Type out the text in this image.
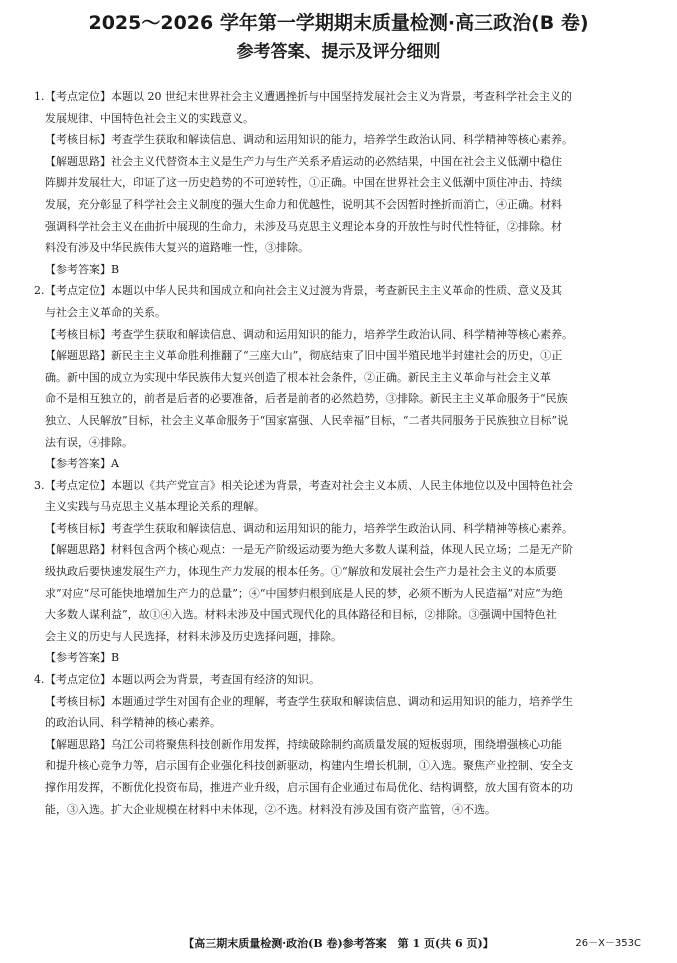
2025～2026 学年第一学期期末质量检测·高三政治(B 卷)
参考答案、提示及评分细则
1.【考点定位】本题以 20 世纪末世界社会主义遭遇挫折与中国坚持发展社会主义为背景，考查科学社会主义的
发展规律、中国特色社会主义的实践意义。
【考核目标】考查学生获取和解读信息、调动和运用知识的能力，培养学生政治认同、科学精神等核心素养。
【解题思路】社会主义代替资本主义是生产力与生产关系矛盾运动的必然结果，中国在社会主义低潮中稳住
阵脚并发展壮大，印证了这一历史趋势的不可逆转性，①正确。中国在世界社会主义低潮中顶住冲击、持续
发展，充分彰显了科学社会主义制度的强大生命力和优越性，说明其不会因暂时挫折而消亡，④正确。材料
强调科学社会主义在曲折中展现的生命力，未涉及马克思主义理论本身的开放性与时代性特征，②排除。材
料没有涉及中华民族伟大复兴的道路唯一性，③排除。
【参考答案】B
2.【考点定位】本题以中华人民共和国成立和向社会主义过渡为背景，考查新民主主义革命的性质、意义及其
与社会主义革命的关系。
【考核目标】考查学生获取和解读信息、调动和运用知识的能力，培养学生政治认同、科学精神等核心素养。
【解题思路】新民主主义革命胜利推翻了“三座大山”，彻底结束了旧中国半殖民地半封建社会的历史，①正
确。新中国的成立为实现中华民族伟大复兴创造了根本社会条件，②正确。新民主主义革命与社会主义革
命不是相互独立的，前者是后者的必要准备，后者是前者的必然趋势，③排除。新民主主义革命服务于“民族
独立、人民解放”目标，社会主义革命服务于“国家富强、人民幸福”目标，“二者共同服务于民族独立目标”说
法有误，④排除。
【参考答案】A
3.【考点定位】本题以《共产党宣言》相关论述为背景，考查对社会主义本质、人民主体地位以及中国特色社会
主义实践与马克思主义基本理论关系的理解。
【考核目标】考查学生获取和解读信息、调动和运用知识的能力，培养学生政治认同、科学精神等核心素养。
【解题思路】材料包含两个核心观点：一是无产阶级运动要为绝大多数人谋利益，体现人民立场；二是无产阶
级执政后要快速发展生产力，体现生产力发展的根本任务。①“解放和发展社会生产力是社会主义的本质要
求”对应“尽可能快地增加生产力的总量”；④“中国梦归根到底是人民的梦，必须不断为人民造福”对应“为绝
大多数人谋利益”，故①④入选。材料未涉及中国式现代化的具体路径和目标，②排除。③强调中国特色社
会主义的历史与人民选择，材料未涉及历史选择问题，排除。
【参考答案】B
4.【考点定位】本题以两会为背景，考查国有经济的知识。
【考核目标】本题通过学生对国有企业的理解，考查学生获取和解读信息、调动和运用知识的能力，培养学生
的政治认同、科学精神的核心素养。
【解题思路】乌江公司将聚焦科技创新作用发挥，持续破除制约高质量发展的短板弱项，围绕增强核心功能
和提升核心竞争力等，启示国有企业强化科技创新驱动，构建内生增长机制，①入选。聚焦产业控制、安全支
撑作用发挥，不断优化投资布局，推进产业升级，启示国有企业通过布局优化、结构调整，放大国有资本的功
能，③入选。扩大企业规模在材料中未体现，②不选。材料没有涉及国有资产监管，④不选。
【高三期末质量检测·政治(B 卷)参考答案　第 1 页(共 6 页)】	26－X－353C
